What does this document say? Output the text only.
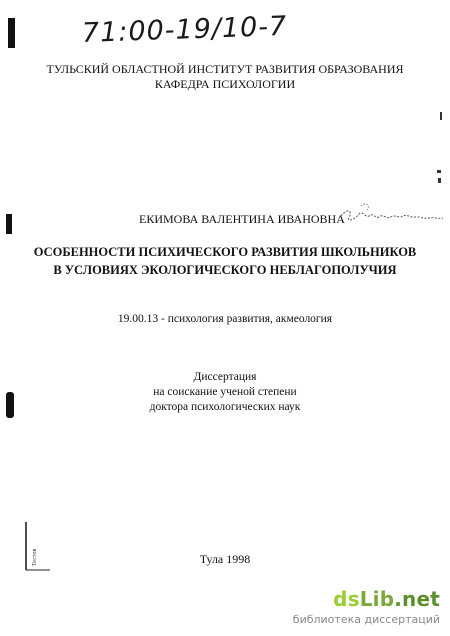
71:00-19/10-7
ТУЛЬСКИЙ ОБЛАСТНОЙ ИНСТИТУТ РАЗВИТИЯ ОБРАЗОВАНИЯ
КАФЕДРА ПСИХОЛОГИИ
ЕКИМОВА ВАЛЕНТИНА ИВАНОВНА
ОСОБЕННОСТИ ПСИХИЧЕСКОГО РАЗВИТИЯ ШКОЛЬНИКОВ
В УСЛОВИЯХ ЭКОЛОГИЧЕСКОГО НЕБЛАГОПОЛУЧИЯ
19.00.13 - психология развития, акмеология
Диссертация
на соискание ученой степени
доктора психологических наук
Тестов	Тула 1998
dsLib.net
библиотека диссертаций
